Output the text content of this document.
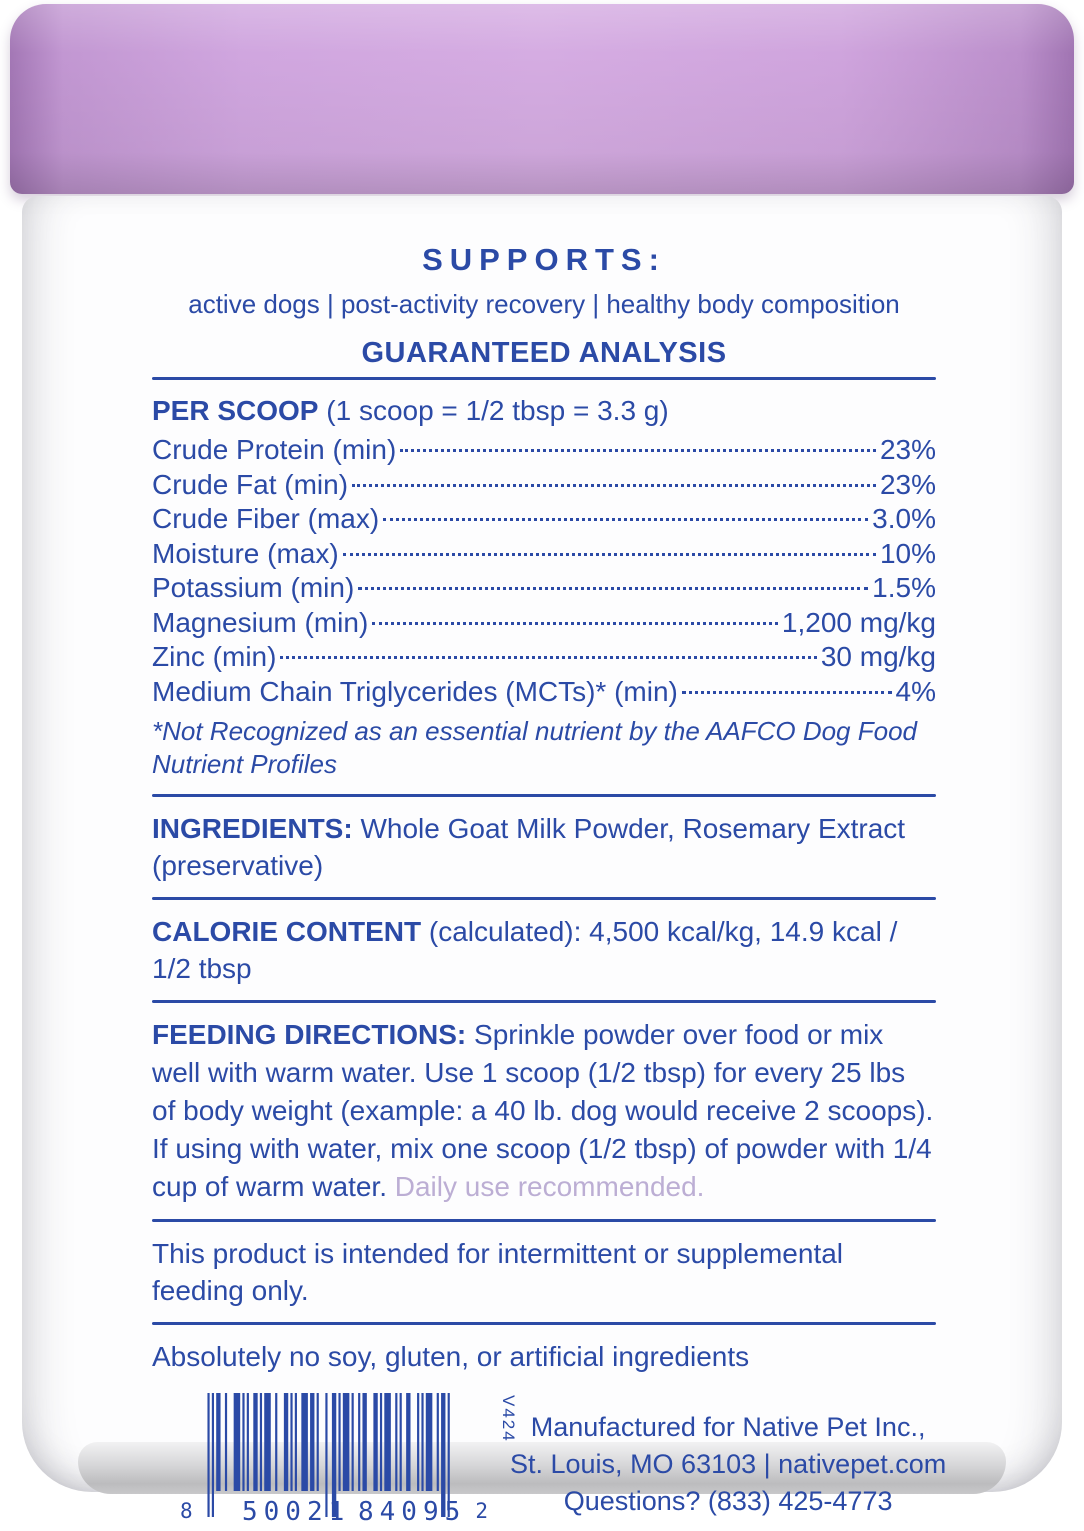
SUPPORTS:
active dogs | post-activity recovery | healthy body composition
GUARANTEED ANALYSIS
PER SCOOP (1 scoop = 1/2 tbsp = 3.3 g)
Crude Protein (min)	23%
Crude Fat (min)	23%
Crude Fiber (max)	3.0%
Moisture (max)	10%
Potassium (min)	1.5%
Magnesium (min)	1,200 mg/kg
Zinc (min)	30 mg/kg
Medium Chain Triglycerides (MCTs)* (min)	4%
*Not Recognized as an essential nutrient by the AAFCO Dog Food Nutrient Profiles
INGREDIENTS: Whole Goat Milk Powder, Rosemary Extract (preservative)
CALORIE CONTENT (calculated): 4,500 kcal/kg, 14.9 kcal / 1/2 tbsp
FEEDING DIRECTIONS: Sprinkle powder over food or mix well with warm water. Use 1 scoop (1/2 tbsp) for every 25 lbs of body weight (example: a 40 lb. dog would receive 2 scoops). If using with water, mix one scoop (1/2 tbsp) of powder with 1/4 cup of warm water. Daily use recommended.
This product is intended for intermittent or supplemental feeding only.
Absolutely no soy, gluten, or artificial ingredients
8 50021 84095 2
V424 Manufactured for Native Pet Inc.,
St. Louis, MO 63103 | nativepet.com
Questions? (833) 425-4773
